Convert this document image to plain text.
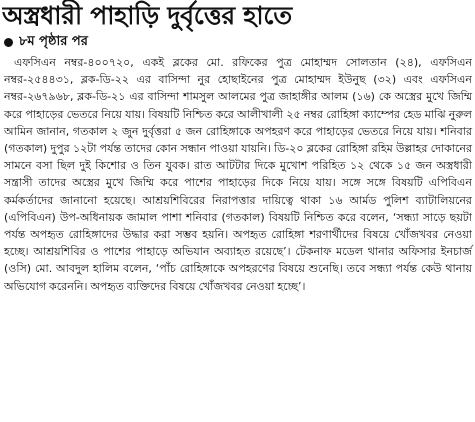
অস্ত্রধারী পাহাড়ি দুর্বৃত্তের হাতে
৮ম পৃষ্ঠার পর

এফসিএন নম্বর-৪০০৭২০, একই ব্লকের মো. রফিকের পুত্র মোহাম্মদ সোলতান (২৪), এফসিএন নম্বর-২৫৪৪৩১, ব্লক-ডি-২২ এর বাসিন্দা নুর হোছাইনের পুত্র মোহাম্মদ ইউনুছ (৩২) এবং এফসিএন নম্বর-২৬৭৯৬৮, ব্লক-ডি-২১ এর বাসিন্দা শামসুল আলমের পুত্র জাহাঙ্গীর আলম (১৬) কে অস্ত্রের মুখে জিম্মি করে পাহাড়ের ভেতরে নিয়ে যায়। বিষয়টি নিশ্চিত করে আলীখালী ২৫ নম্বর রোহিঙ্গা ক্যাম্পের হেড মাঝি নুরুল আমিন জানান, গতকাল ২ জুন দুর্বৃত্তরা ৫ জন রোহিঙ্গাকে অপহরণ করে পাহাড়ের ভেতরে নিয়ে যায়। শনিবার (গতকাল) দুপুর ১২টা পর্যন্ত তাদের কোন সন্ধান পাওয়া যায়নি। ডি-২০ ব্লকের রোহিঙ্গা রহিম উল্লাহর দোকানের সামনে বসা ছিল দুই কিশোর ও তিন যুবক। রাত আটটার দিকে মুখোশ পরিহিত ১২ থেকে ১৫ জন অস্ত্রধারী সন্ত্রাসী তাদের অস্ত্রের মুখে জিম্মি করে পাশের পাহাড়ের দিকে নিয়ে যায়। সঙ্গে সঙ্গে বিষয়টি এপিবিএন কর্মকর্তাদের জানানো হয়েছে। আশ্রয়শিবিরের নিরাপত্তার দায়িত্বে থাকা ১৬ আর্মড পুলিশ ব্যাটালিয়নের (এপিবিএন) উপ-অধিনায়ক জামাল পাশা শনিবার (গতকাল) বিষয়টি নিশ্চিত করে বলেন, ‘সন্ধ্যা সাড়ে ছয়টা পর্যন্ত অপহৃত রোহিঙ্গাদের উদ্ধার করা সম্ভব হয়নি। অপহৃত রোহিঙ্গা শরণার্থীদের বিষয়ে খোঁজখবর নেওয়া হচ্ছে। আশ্রয়শিবির ও পাশের পাহাড়ে অভিযান অব্যাহত রয়েছে’। টেকনাফ মডেল থানার অফিসার ইনচার্জ (ওসি) মো. আবদুল হালিম বলেন, ‘পাঁচ রোহিঙ্গাকে অপহরণের বিষয়ে শুনেছি। তবে সন্ধ্যা পর্যন্ত কেউ থানায় অভিযোগ করেননি। অপহৃত ব্যক্তিদের বিষয়ে খোঁজখবর নেওয়া হচ্ছে’।
